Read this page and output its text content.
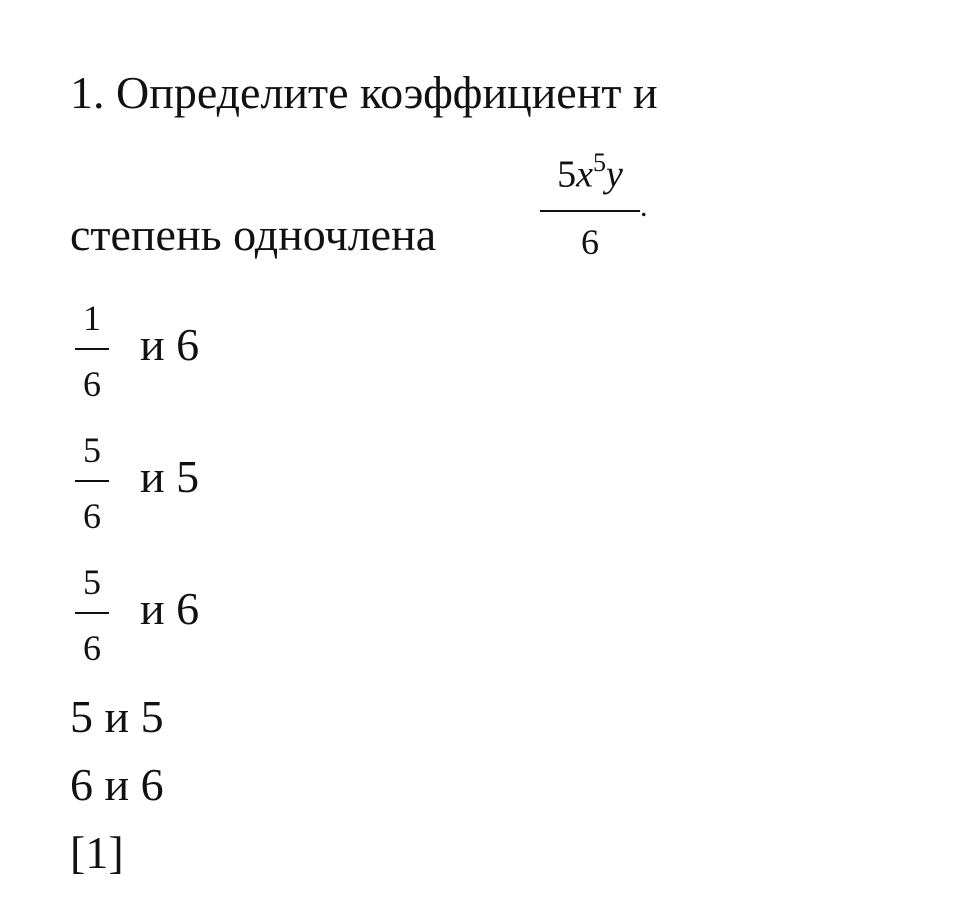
1. Определите коэффициент и
степень одночлена
$5x^5y$
6
.
1
6
и 6
5
6
и 5
5
6
и 6
5 и 5
6 и 6
[1]
